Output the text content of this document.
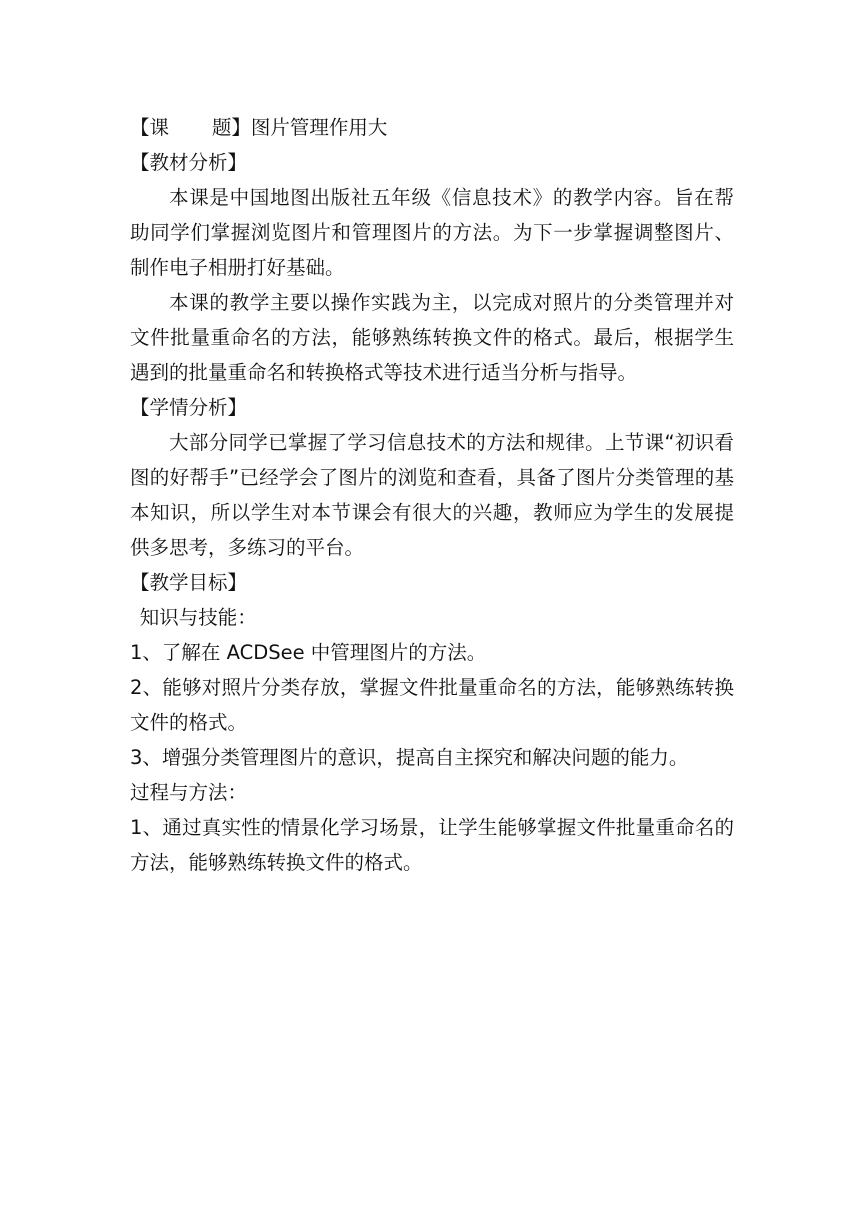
【课 题】图片管理作用大

【教材分析】

本课是中国地图出版社五年级《信息技术》的教学内容。旨在帮助同学们掌握浏览图片和管理图片的方法。为下一步掌握调整图片、制作电子相册打好基础。

本课的教学主要以操作实践为主，以完成对照片的分类管理并对文件批量重命名的方法，能够熟练转换文件的格式。最后，根据学生遇到的批量重命名和转换格式等技术进行适当分析与指导。

【学情分析】

大部分同学已掌握了学习信息技术的方法和规律。上节课“初识看图的好帮手”已经学会了图片的浏览和查看，具备了图片分类管理的基本知识，所以学生对本节课会有很大的兴趣，教师应为学生的发展提供多思考，多练习的平台。

【教学目标】

知识与技能：

1、了解在 ACDSee 中管理图片的方法。

2、能够对照片分类存放，掌握文件批量重命名的方法，能够熟练转换文件的格式。

3、增强分类管理图片的意识，提高自主探究和解决问题的能力。

过程与方法：

1、通过真实性的情景化学习场景，让学生能够掌握文件批量重命名的方法，能够熟练转换文件的格式。
